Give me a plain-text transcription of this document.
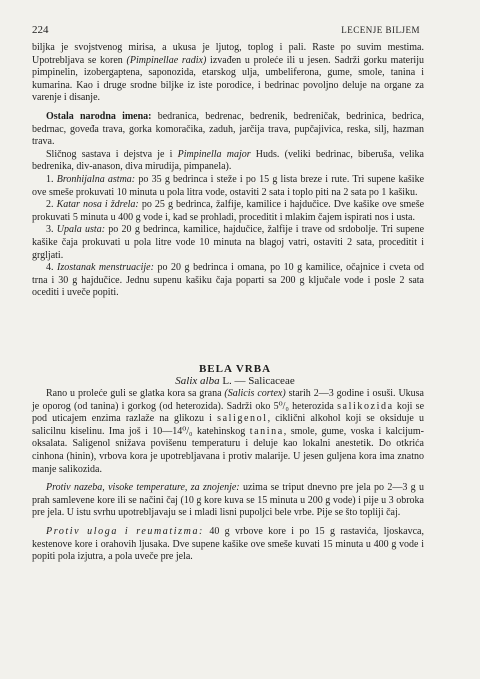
224	LECENJE BILJEM

biljka je svojstvenog mirisa, a ukusa je ljutog, toplog i pali. Raste po suvim mestima. Upotrebljava se koren (Pimpinellae radix) izvađen u proleće ili u jesen. Sadrži gorku materiju pimpinelin, izobergaptena, saponozida, etarskog ulja, umbeliferona, gume, smole, tanina i kumarina. Kao i druge srodne biljke iz iste porodice, i bedrinac povoljno deluje na organe za varenje i disanje.

Ostala narodna imena: bedranica, bedrenac, bedrenik, bedreničak, bedrinica, bedrica, bedrnac, goveđa trava, gorka komoračika, zaduh, jarčija trava, pupčajivica, reska, silj, hazman trava.

Sličnog sastava i dejstva je i Pimpinella major Huds. (veliki bedrinac, biberuša, velika bedrenika, div-anason, diva mirudija, pimpanela).

1. Bronhijalna astma: po 35 g bedrinca i steže i po 15 g lista breze i rute. Tri supene kašike ove smeše prokuvati 10 minuta u pola litra vode, ostaviti 2 sata i toplo piti na 2 sata po 1 kašiku.

2. Katar nosa i ždrela: po 25 g bedrinca, žalfije, kamilice i hajdučice. Dve kašike ove smeše prokuvati 5 minuta u 400 g vode i, kad se prohladi, proceditit i mlakim čajem ispirati nos i usta.

3. Upala usta: po 20 g bedrinca, kamilice, hajdučice, žalfije i trave od srdobolje. Tri supene kašike čaja prokuvati u pola litre vode 10 minuta na blagoj vatri, ostaviti 2 sata, proceditit i grgljati.

4. Izostanak menstruacije: po 20 g bedrinca i omana, po 10 g kamilice, očajnice i cveta od trna i 30 g hajdučice. Jednu supenu kašiku čaja poparti sa 200 g ključale vode i posle 2 sata ocediti i uveče popiti.

BELA VRBA

Salix alba L. — Salicaceae

Rano u proleće guli se glatka kora sa grana (Salicis cortex) starih 2—3 godine i osuši. Ukusa je oporog (od tanina) i gorkog (od heterozida). Sadrži oko 5⁰/₀ heterozida salikozida koji se pod uticajem enzima razlaže na glikozu i saligenol, ciklični alkohol koji se oksiduje u salicilnu kiselinu. Ima još i 10—14⁰/₀ katehinskog tanina, smole, gume, voska i kalcijum-oksalata. Saligenol snižava povišenu temperaturu i deluje kao lokalni anestetik. Do otkrića cinhona (hinin), vrbova kora je upotrebljavana i protiv malarije. U jesen guljena kora ima znatno manje salikozida.

Protiv nazeba, visoke temperature, za znojenje: uzima se triput dnevno pre jela po 2—3 g u prah samlevene kore ili se načini čaj (10 g kore kuva se 15 minuta u 200 g vode) i pije u 3 obroka pre jela. U istu svrhu upotrebljavaju se i mladi lisni pupoljci bele vrbe. Pije se što topliji čaj.

Protiv uloga i reumatizma: 40 g vrbove kore i po 15 g rastavića, ljoskavca, kestenove kore i orahovih ljusaka. Dve supene kašike ove smeše kuvati 15 minuta u 400 g vode i popiti pola izjutra, a pola uveče pre jela.
